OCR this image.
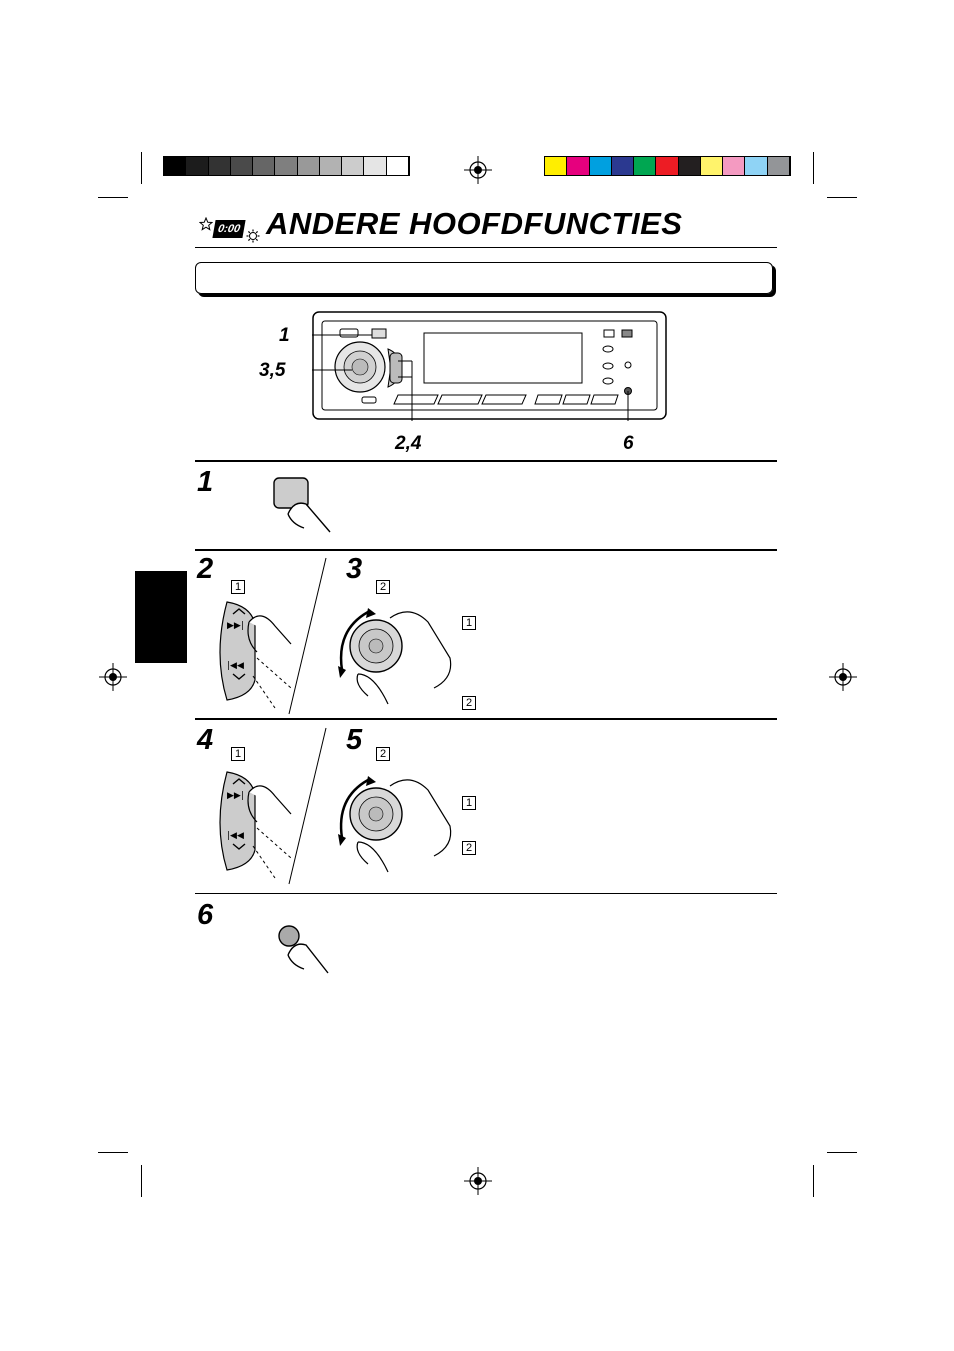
0:00 ANDERE HOOFDFUNCTIES
1
3,5
2,4	6
1
2
1
▶▶|
|◀◀
3
2
1
2
4	1
▶▶|
|◀◀
5	2
1
2
6
